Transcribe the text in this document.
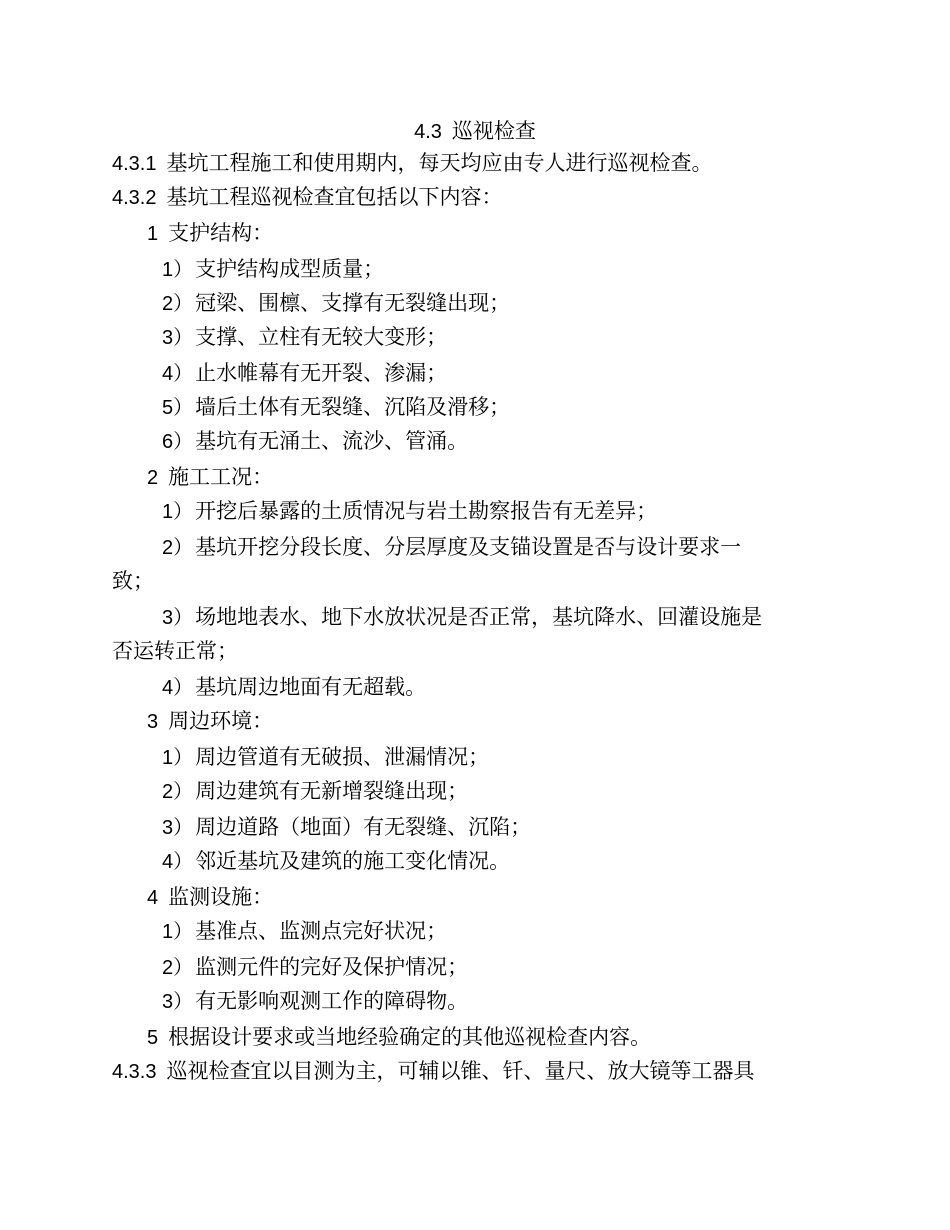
4.3 巡视检查
4.3.1 基坑工程施工和使用期内，每天均应由专人进行巡视检查。
4.3.2 基坑工程巡视检查宜包括以下内容：
1 支护结构：
1）支护结构成型质量；
2）冠梁、围檩、支撑有无裂缝出现；
3）支撑、立柱有无较大变形；
4）止水帷幕有无开裂、渗漏；
5）墙后土体有无裂缝、沉陷及滑移；
6）基坑有无涌土、流沙、管涌。
2 施工工况：
1）开挖后暴露的土质情况与岩土勘察报告有无差异；
2）基坑开挖分段长度、分层厚度及支锚设置是否与设计要求一
致；
3）场地地表水、地下水放状况是否正常，基坑降水、回灌设施是
否运转正常；
4）基坑周边地面有无超载。
3 周边环境：
1）周边管道有无破损、泄漏情况；
2）周边建筑有无新增裂缝出现；
3）周边道路（地面）有无裂缝、沉陷；
4）邻近基坑及建筑的施工变化情况。
4 监测设施：
1）基准点、监测点完好状况；
2）监测元件的完好及保护情况；
3）有无影响观测工作的障碍物。
5 根据设计要求或当地经验确定的其他巡视检查内容。
4.3.3 巡视检查宜以目测为主，可辅以锥、钎、量尺、放大镜等工器具
